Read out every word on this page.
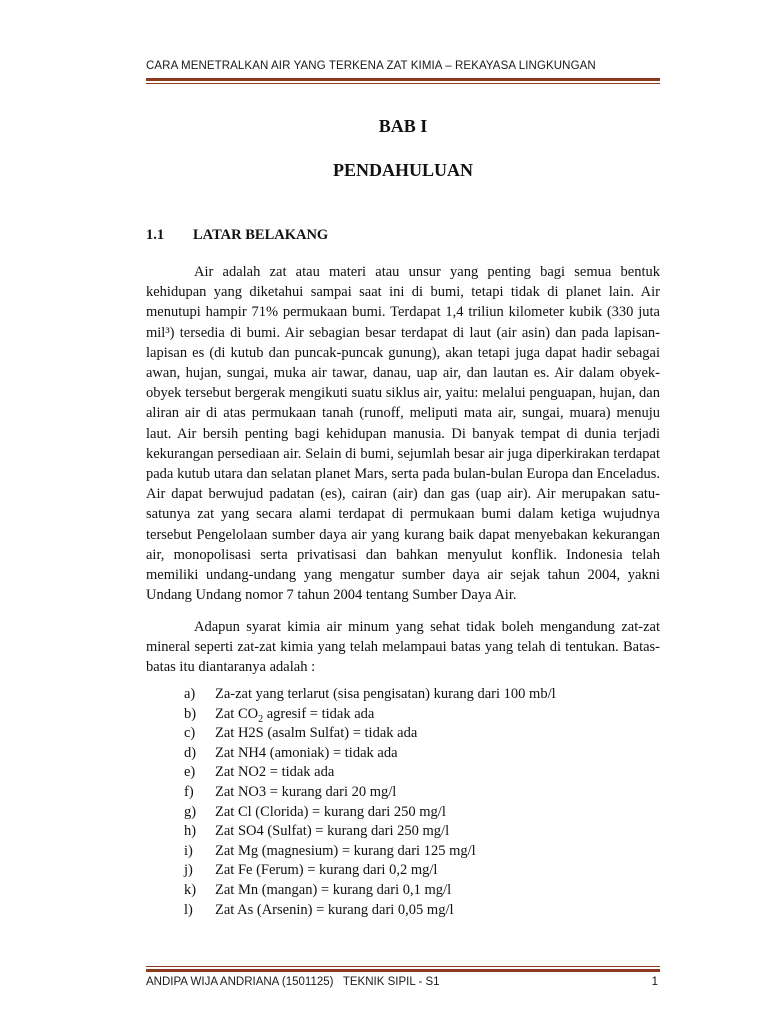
CARA MENETRALKAN AIR YANG TERKENA ZAT KIMIA – REKAYASA LINGKUNGAN
BAB I
PENDAHULUAN
1.1 LATAR BELAKANG

Air adalah zat atau materi atau unsur yang penting bagi semua bentuk kehidupan yang diketahui sampai saat ini di bumi, tetapi tidak di planet lain. Air menutupi hampir 71% permukaan bumi. Terdapat 1,4 triliun kilometer kubik (330 juta mil³) tersedia di bumi. Air sebagian besar terdapat di laut (air asin) dan pada lapisan-lapisan es (di kutub dan puncak-puncak gunung), akan tetapi juga dapat hadir sebagai awan, hujan, sungai, muka air tawar, danau, uap air, dan lautan es. Air dalam obyek-obyek tersebut bergerak mengikuti suatu siklus air, yaitu: melalui penguapan, hujan, dan aliran air di atas permukaan tanah (runoff, meliputi mata air, sungai, muara) menuju laut. Air bersih penting bagi kehidupan manusia. Di banyak tempat di dunia terjadi kekurangan persediaan air. Selain di bumi, sejumlah besar air juga diperkirakan terdapat pada kutub utara dan selatan planet Mars, serta pada bulan-bulan Europa dan Enceladus. Air dapat berwujud padatan (es), cairan (air) dan gas (uap air). Air merupakan satu-satunya zat yang secara alami terdapat di permukaan bumi dalam ketiga wujudnya tersebut Pengelolaan sumber daya air yang kurang baik dapat menyebakan kekurangan air, monopolisasi serta privatisasi dan bahkan menyulut konflik. Indonesia telah memiliki undang-undang yang mengatur sumber daya air sejak tahun 2004, yakni Undang Undang nomor 7 tahun 2004 tentang Sumber Daya Air.

Adapun syarat kimia air minum yang sehat tidak boleh mengandung zat-zat mineral seperti zat-zat kimia yang telah melampaui batas yang telah di tentukan. Batas-batas itu diantaranya adalah :

a)	Za-zat yang terlarut (sisa pengisatan) kurang dari 100 mb/l
b)	Zat $CO_2$ agresif = tidak ada
c)	Zat H2S (asalm Sulfat) = tidak ada
d)	Zat NH4 (amoniak) = tidak ada
e)	Zat NO2 = tidak ada
f)	Zat NO3 = kurang dari 20 mg/l
g)	Zat Cl (Clorida) = kurang dari 250 mg/l
h)	Zat SO4 (Sulfat) = kurang dari 250 mg/l
i)	Zat Mg (magnesium) = kurang dari 125 mg/l
j)	Zat Fe (Ferum) = kurang dari 0,2 mg/l
k)	Zat Mn (mangan) = kurang dari 0,1 mg/l
l)	Zat As (Arsenin) = kurang dari 0,05 mg/l
ANDIPA WIJA ANDRIANA (1501125)   TEKNIK SIPIL - S1	1
